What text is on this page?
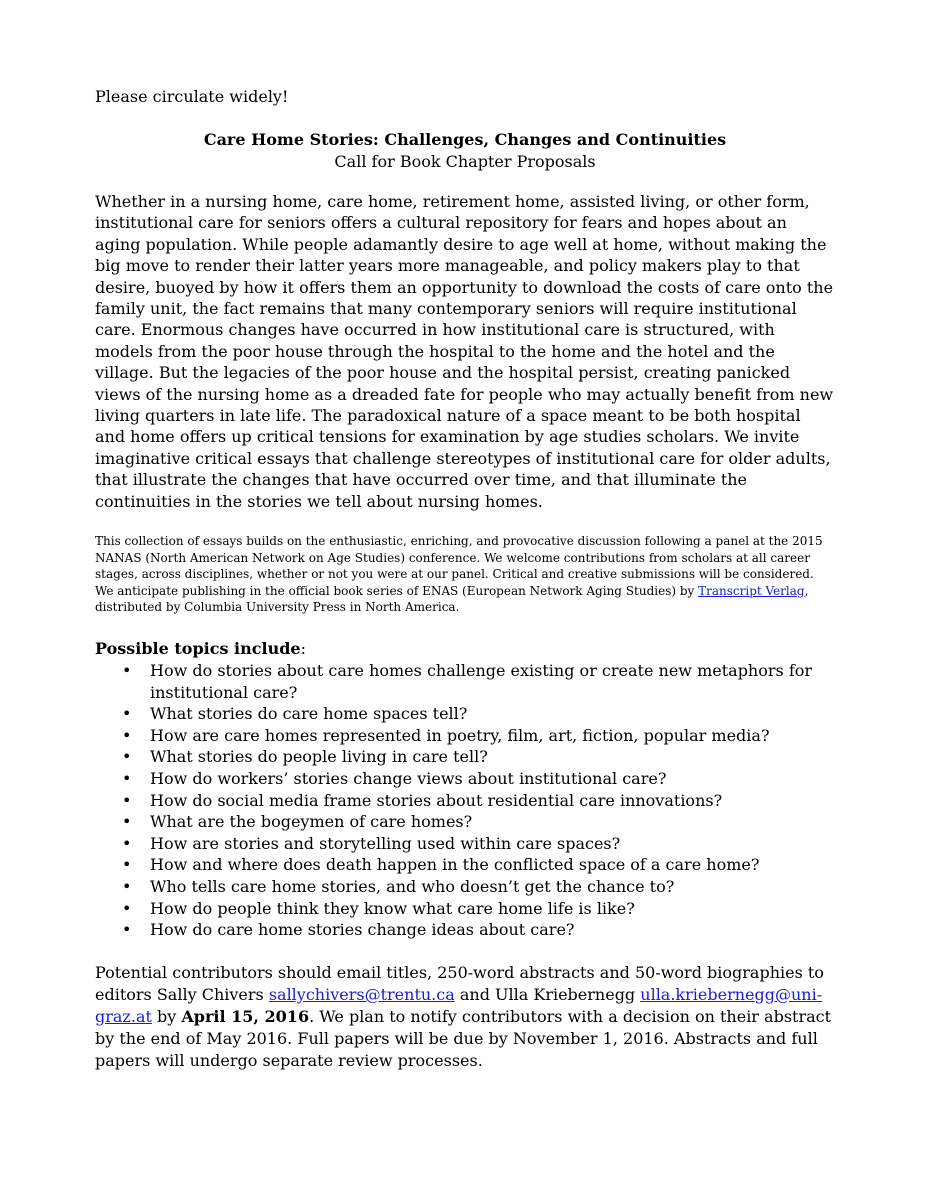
Please circulate widely!

Care Home Stories: Challenges, Changes and Continuities

Call for Book Chapter Proposals

Whether in a nursing home, care home, retirement home, assisted living, or other form, institutional care for seniors offers a cultural repository for fears and hopes about an aging population. While people adamantly desire to age well at home, without making the big move to render their latter years more manageable, and policy makers play to that desire, buoyed by how it offers them an opportunity to download the costs of care onto the family unit, the fact remains that many contemporary seniors will require institutional care. Enormous changes have occurred in how institutional care is structured, with models from the poor house through the hospital to the home and the hotel and the village. But the legacies of the poor house and the hospital persist, creating panicked views of the nursing home as a dreaded fate for people who may actually benefit from new living quarters in late life. The paradoxical nature of a space meant to be both hospital and home offers up critical tensions for examination by age studies scholars. We invite imaginative critical essays that challenge stereotypes of institutional care for older adults, that illustrate the changes that have occurred over time, and that illuminate the continuities in the stories we tell about nursing homes.

This collection of essays builds on the enthusiastic, enriching, and provocative discussion following a panel at the 2015 NANAS (North American Network on Age Studies) conference. We welcome contributions from scholars at all career stages, across disciplines, whether or not you were at our panel. Critical and creative submissions will be considered. We anticipate publishing in the official book series of ENAS (European Network Aging Studies) by Transcript Verlag, distributed by Columbia University Press in North America.

Possible topics include:

• How do stories about care homes challenge existing or create new metaphors for institutional care?
• What stories do care home spaces tell?
• How are care homes represented in poetry, film, art, fiction, popular media?
• What stories do people living in care tell?
• How do workers’ stories change views about institutional care?
• How do social media frame stories about residential care innovations?
• What are the bogeymen of care homes?
• How are stories and storytelling used within care spaces?
• How and where does death happen in the conflicted space of a care home?
• Who tells care home stories, and who doesn’t get the chance to?
• How do people think they know what care home life is like?
• How do care home stories change ideas about care?

Potential contributors should email titles, 250-word abstracts and 50-word biographies to editors Sally Chivers sallychivers@trentu.ca and Ulla Kriebernegg ulla.kriebernegg@uni-graz.at by April 15, 2016. We plan to notify contributors with a decision on their abstract by the end of May 2016. Full papers will be due by November 1, 2016. Abstracts and full papers will undergo separate review processes.
